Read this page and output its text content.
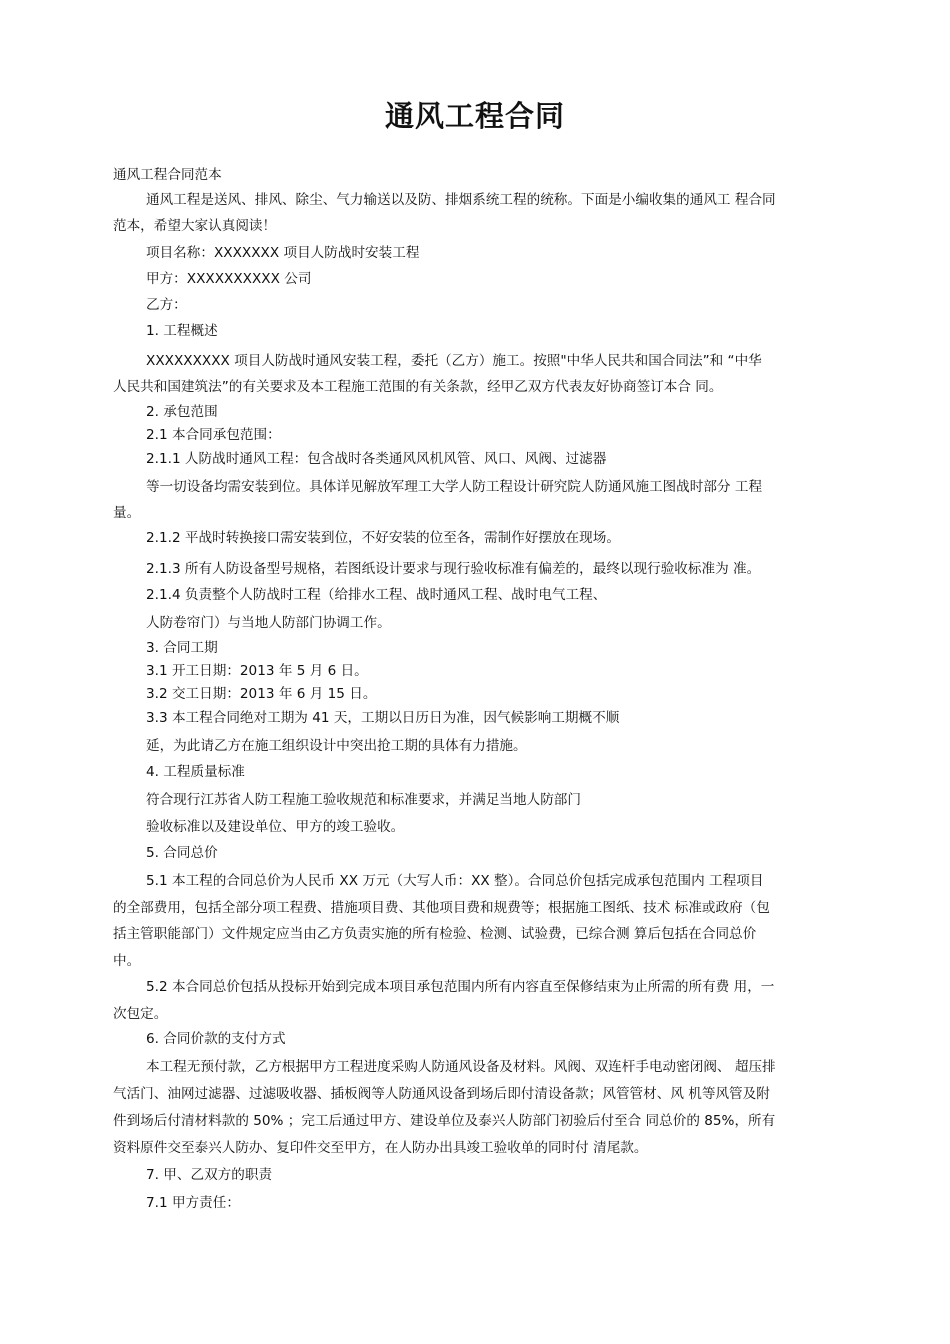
通风工程合同
通风工程合同范本
通风工程是送风、排风、除尘、气力输送以及防、排烟系统工程的统称。下面是小编收集的通风工 程合同
范本，希望大家认真阅读！
项目名称：XXXXXXX 项目人防战时安装工程
甲方：XXXXXXXXXX 公司
乙方：
1. 工程概述
XXXXXXXXX 项目人防战时通风安装工程，委托（乙方）施工。按照"中华人民共和国合同法”和 “中华
人民共和国建筑法”的有关要求及本工程施工范围的有关条款，经甲乙双方代表友好协商签订本合 同。
2. 承包范围
2.1 本合同承包范围：
2.1.1 人防战时通风工程：包含战时各类通风风机风管、风口、风阀、过滤器
等一切设备均需安装到位。具体详见解放军理工大学人防工程设计研究院人防通风施工图战时部分 工程
量。
2.1.2 平战时转换接口需安装到位，不好安装的位至各，需制作好摆放在现场。
2.1.3 所有人防设备型号规格，若图纸设计要求与现行验收标准有偏差的，最终以现行验收标准为 准。
2.1.4 负责整个人防战时工程（给排水工程、战时通风工程、战时电气工程、
人防卷帘门）与当地人防部门协调工作。
3. 合同工期
3.1 开工日期：2013 年 5 月 6 日。
3.2 交工日期：2013 年 6 月 15 日。
3.3 本工程合同绝对工期为 41 天，工期以日历日为准，因气候影响工期概不顺
延，为此请乙方在施工组织设计中突出抢工期的具体有力措施。
4. 工程质量标准
符合现行江苏省人防工程施工验收规范和标准要求，并满足当地人防部门
验收标准以及建设单位、甲方的竣工验收。
5. 合同总价
5.1 本工程的合同总价为人民币 XX 万元（大写人币：XX 整）。合同总价包括完成承包范围内 工程项目
的全部费用，包括全部分项工程费、措施项目费、其他项目费和规费等；根据施工图纸、技术 标准或政府（包
括主管职能部门）文件规定应当由乙方负责实施的所有检验、检测、试验费，已综合测 算后包括在合同总价
中。
5.2 本合同总价包括从投标开始到完成本项目承包范围内所有内容直至保修结束为止所需的所有费 用，一
次包定。
6. 合同价款的支付方式
本工程无预付款，乙方根据甲方工程进度采购人防通风设备及材料。风阀、双连杆手电动密闭阀、 超压排
气活门、油网过滤器、过滤吸收器、插板阀等人防通风设备到场后即付清设备款；风管管材、风 机等风管及附
件到场后付清材料款的 50% ；完工后通过甲方、建设单位及泰兴人防部门初验后付至合 同总价的 85%，所有
资料原件交至泰兴人防办、复印件交至甲方，在人防办出具竣工验收单的同时付 清尾款。
7. 甲、乙双方的职责
7.1 甲方责任：
